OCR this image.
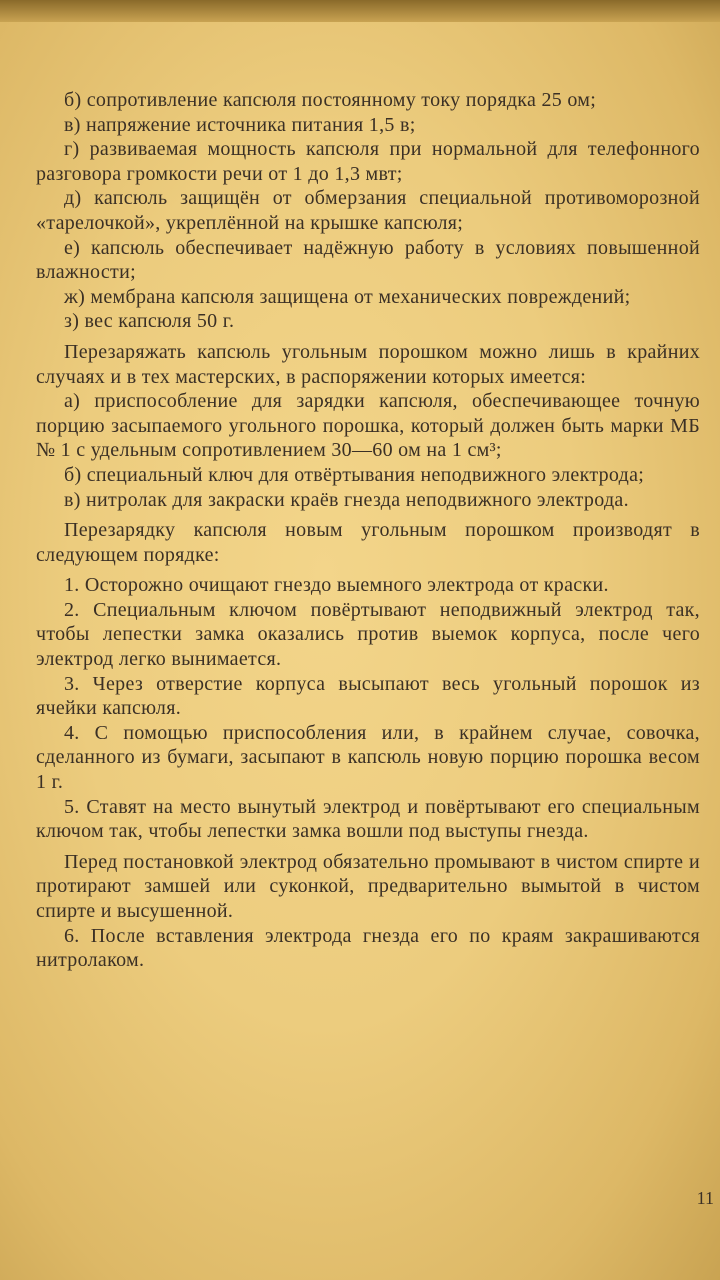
б) сопротивление капсюля постоянному току порядка 25 ом;

в) напряжение источника питания 1,5 в;

г) развиваемая мощность капсюля при нормальной для телефонного разговора громкости речи от 1 до 1,3 мвт;

д) капсюль защищён от обмерзания специальной противоморозной «тарелочкой», укреплённой на крышке капсюля;

е) капсюль обеспечивает надёжную работу в условиях повышенной влажности;

ж) мембрана капсюля защищена от механических повреждений;

з) вес капсюля 50 г.

Перезаряжать капсюль угольным порошком можно лишь в крайних случаях и в тех мастерских, в распоряжении которых имеется:

а) приспособление для зарядки капсюля, обеспечивающее точную порцию засыпаемого угольного порошка, который должен быть марки МБ № 1 с удельным сопротивлением 30—60 ом на 1 см³;

б) специальный ключ для отвёртывания неподвижного электрода;

в) нитролак для закраски краёв гнезда неподвижного электрода.

Перезарядку капсюля новым угольным порошком производят в следующем порядке:

1. Осторожно очищают гнездо выемного электрода от краски.

2. Специальным ключом повёртывают неподвижный электрод так, чтобы лепестки замка оказались против выемок корпуса, после чего электрод легко вынимается.

3. Через отверстие корпуса высыпают весь угольный порошок из ячейки капсюля.

4. С помощью приспособления или, в крайнем случае, совочка, сделанного из бумаги, засыпают в капсюль новую порцию порошка весом 1 г.

5. Ставят на место вынутый электрод и повёртывают его специальным ключом так, чтобы лепестки замка вошли под выступы гнезда.

Перед постановкой электрод обязательно промывают в чистом спирте и протирают замшей или суконкой, предварительно вымытой в чистом спирте и высушенной.

6. После вставления электрода гнезда его по краям закрашиваются нитролаком.

11
